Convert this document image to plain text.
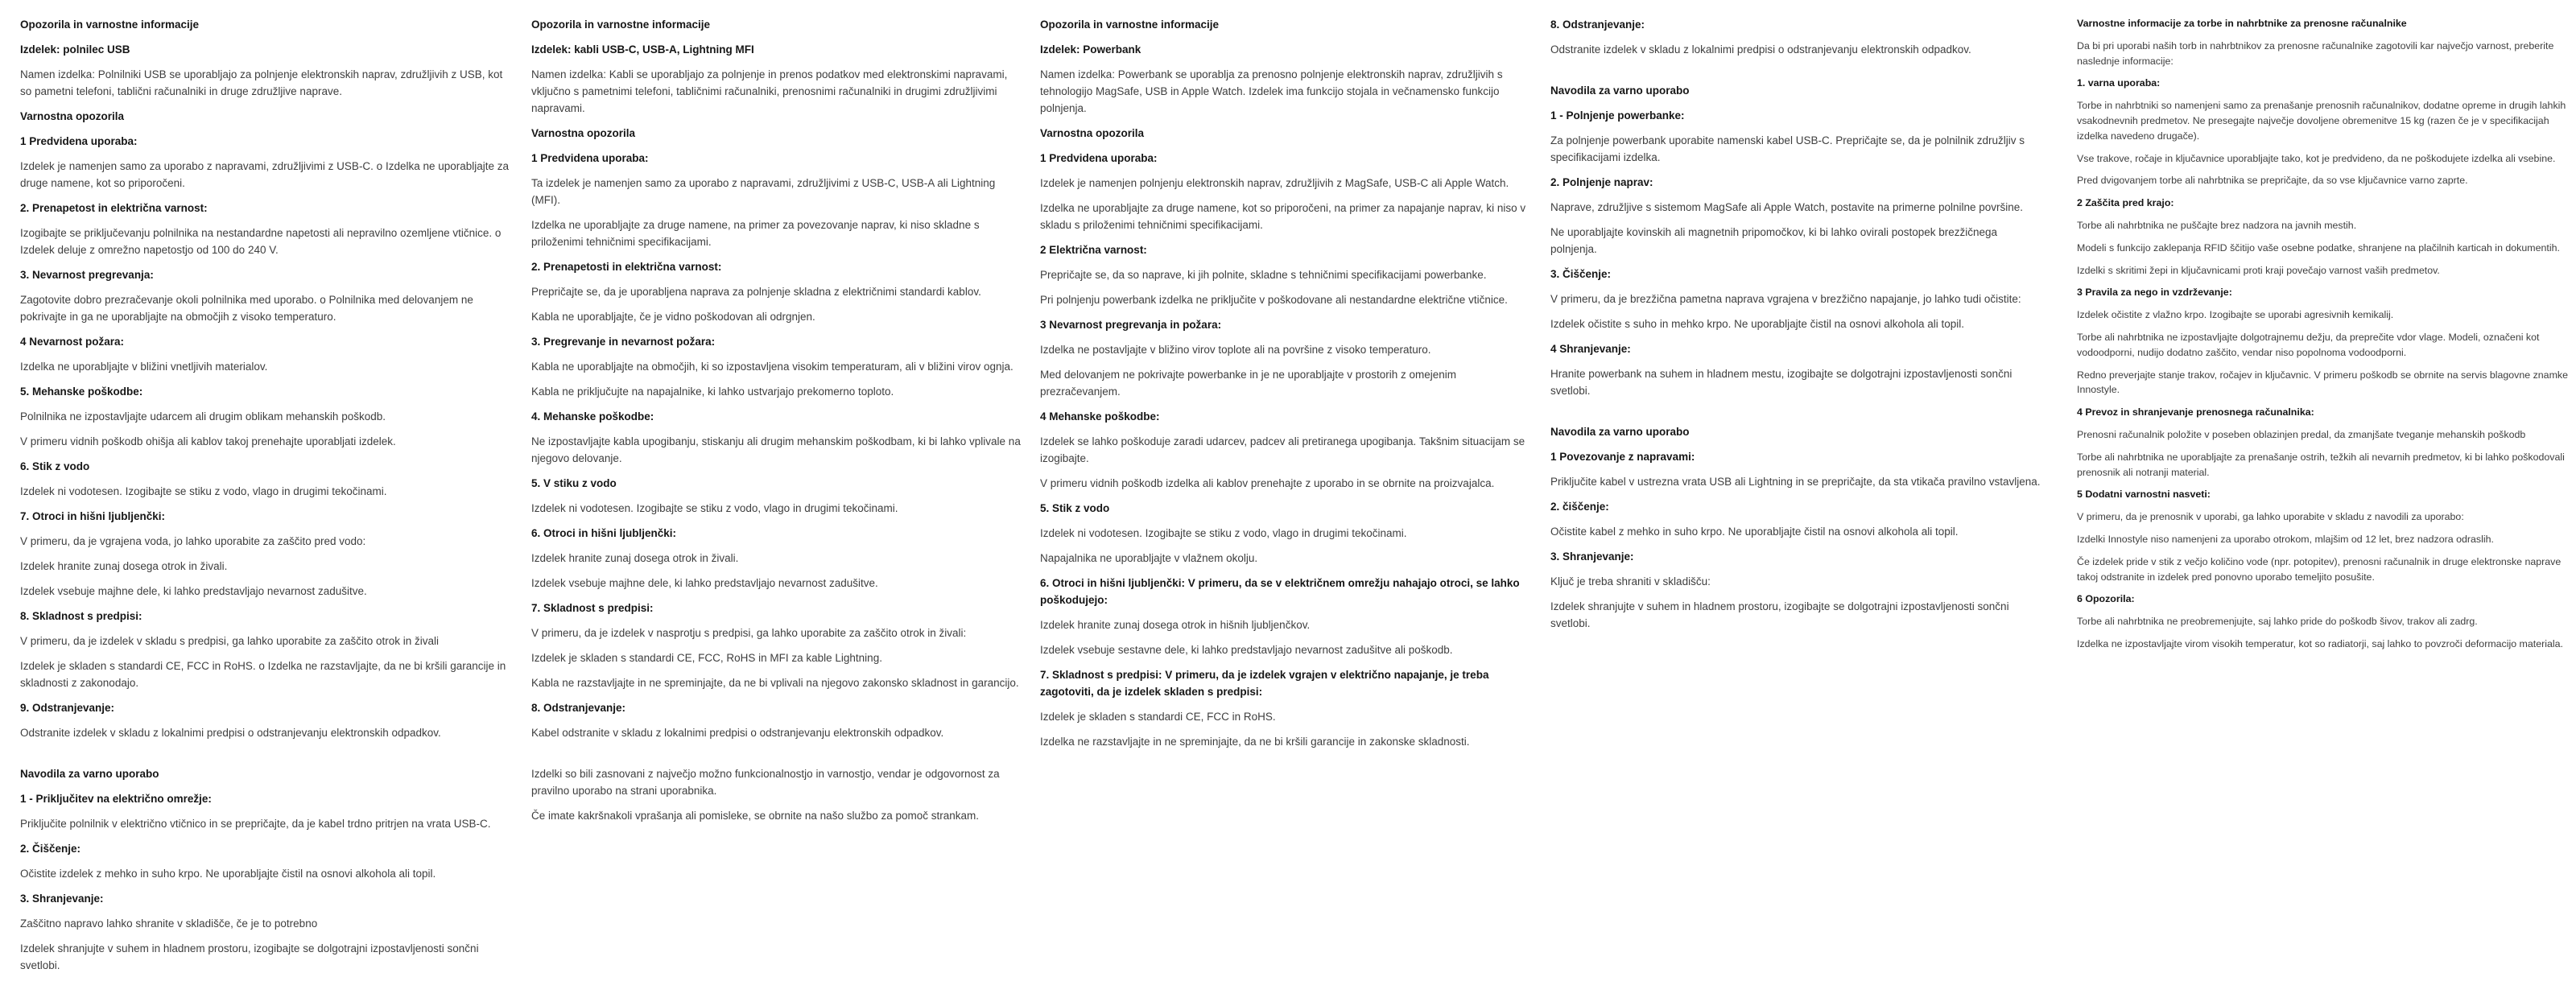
Opozorila in varnostne informacije
Izdelek: polnilec USB
Namen izdelka: Polnilniki USB se uporabljajo za polnjenje elektronskih naprav, združljivih z USB, kot so pametni telefoni, tablični računalniki in druge združljive naprave.
Varnostna opozorila
1 Predvidena uporaba:
Izdelek je namenjen samo za uporabo z napravami, združljivimi z USB-C. o Izdelka ne uporabljajte za druge namene, kot so priporočeni.
2. Prenapetost in električna varnost:
Izogibajte se priključevanju polnilnika na nestandardne napetosti ali nepravilno ozemljene vtičnice. o Izdelek deluje z omrežno napetostjo od 100 do 240 V.
3. Nevarnost pregrevanja:
Zagotovite dobro prezračevanje okoli polnilnika med uporabo. o Polnilnika med delovanjem ne pokrivajte in ga ne uporabljajte na območjih z visoko temperaturo.
4 Nevarnost požara:
Izdelka ne uporabljajte v bližini vnetljivih materialov.
5. Mehanske poškodbe:
Polnilnika ne izpostavljajte udarcem ali drugim oblikam mehanskih poškodb.
V primeru vidnih poškodb ohišja ali kablov takoj prenehajte uporabljati izdelek.
6. Stik z vodo
Izdelek ni vodotesen. Izogibajte se stiku z vodo, vlago in drugimi tekočinami.
7. Otroci in hišni ljubljenčki:
V primeru, da je vgrajena voda, jo lahko uporabite za zaščito pred vodo:
Izdelek hranite zunaj dosega otrok in živali.
Izdelek vsebuje majhne dele, ki lahko predstavljajo nevarnost zadušitve.
8. Skladnost s predpisi:
V primeru, da je izdelek v skladu s predpisi, ga lahko uporabite za zaščito otrok in živali
Izdelek je skladen s standardi CE, FCC in RoHS. o Izdelka ne razstavljajte, da ne bi kršili garancije in skladnosti z zakonodajo.
9. Odstranjevanje:
Odstranite izdelek v skladu z lokalnimi predpisi o odstranjevanju elektronskih odpadkov.
Navodila za varno uporabo
1 - Priključitev na električno omrežje:
Priključite polnilnik v električno vtičnico in se prepričajte, da je kabel trdno pritrjen na vrata USB-C.
2. Čiščenje:
Očistite izdelek z mehko in suho krpo. Ne uporabljajte čistil na osnovi alkohola ali topil.
3. Shranjevanje:
Zaščitno napravo lahko shranite v skladišče, če je to potrebno
Izdelek shranjujte v suhem in hladnem prostoru, izogibajte se dolgotrajni izpostavljenosti sončni svetlobi.
Opozorila in varnostne informacije
Izdelek: kabli USB-C, USB-A, Lightning MFI
Namen izdelka: Kabli se uporabljajo za polnjenje in prenos podatkov med elektronskimi napravami, vključno s pametnimi telefoni, tabličnimi računalniki, prenosnimi računalniki in drugimi združljivimi napravami.
Varnostna opozorila
1 Predvidena uporaba:
Ta izdelek je namenjen samo za uporabo z napravami, združljivimi z USB-C, USB-A ali Lightning (MFI).
Izdelka ne uporabljajte za druge namene, na primer za povezovanje naprav, ki niso skladne s priloženimi tehničnimi specifikacijami.
2. Prenapetosti in električna varnost:
Prepričajte se, da je uporabljena naprava za polnjenje skladna z električnimi standardi kablov.
Kabla ne uporabljajte, če je vidno poškodovan ali odrgnjen.
3. Pregrevanje in nevarnost požara:
Kabla ne uporabljajte na območjih, ki so izpostavljena visokim temperaturam, ali v bližini virov ognja.
Kabla ne priključujte na napajalnike, ki lahko ustvarjajo prekomerno toploto.
4. Mehanske poškodbe:
Ne izpostavljajte kabla upogibanju, stiskanju ali drugim mehanskim poškodbam, ki bi lahko vplivale na njegovo delovanje.
5. V stiku z vodo
Izdelek ni vodotesen. Izogibajte se stiku z vodo, vlago in drugimi tekočinami.
6. Otroci in hišni ljubljenčki:
Izdelek hranite zunaj dosega otrok in živali.
Izdelek vsebuje majhne dele, ki lahko predstavljajo nevarnost zadušitve.
7. Skladnost s predpisi:
V primeru, da je izdelek v nasprotju s predpisi, ga lahko uporabite za zaščito otrok in živali:
Izdelek je skladen s standardi CE, FCC, RoHS in MFI za kable Lightning.
Kabla ne razstavljajte in ne spreminjajte, da ne bi vplivali na njegovo zakonsko skladnost in garancijo.
8. Odstranjevanje:
Kabel odstranite v skladu z lokalnimi predpisi o odstranjevanju elektronskih odpadkov.
Izdelki so bili zasnovani z največjo možno funkcionalnostjo in varnostjo, vendar je odgovornost za pravilno uporabo na strani uporabnika.
Če imate kakršnakoli vprašanja ali pomisleke, se obrnite na našo službo za pomoč strankam.
Opozorila in varnostne informacije
Izdelek: Powerbank
Namen izdelka: Powerbank se uporablja za prenosno polnjenje elektronskih naprav, združljivih s tehnologijo MagSafe, USB in Apple Watch. Izdelek ima funkcijo stojala in večnamensko funkcijo polnjenja.
Varnostna opozorila
1 Predvidena uporaba:
Izdelek je namenjen polnjenju elektronskih naprav, združljivih z MagSafe, USB-C ali Apple Watch.
Izdelka ne uporabljajte za druge namene, kot so priporočeni, na primer za napajanje naprav, ki niso v skladu s priloženimi tehničnimi specifikacijami.
2 Električna varnost:
Prepričajte se, da so naprave, ki jih polnite, skladne s tehničnimi specifikacijami powerbanke.
Pri polnjenju powerbank izdelka ne priključite v poškodovane ali nestandardne električne vtičnice.
3 Nevarnost pregrevanja in požara:
Izdelka ne postavljajte v bližino virov toplote ali na površine z visoko temperaturo.
Med delovanjem ne pokrivajte powerbanke in je ne uporabljajte v prostorih z omejenim prezračevanjem.
4 Mehanske poškodbe:
Izdelek se lahko poškoduje zaradi udarcev, padcev ali pretiranega upogibanja. Takšnim situacijam se izogibajte.
V primeru vidnih poškodb izdelka ali kablov prenehajte z uporabo in se obrnite na proizvajalca.
5. Stik z vodo
Izdelek ni vodotesen. Izogibajte se stiku z vodo, vlago in drugimi tekočinami.
Napajalnika ne uporabljajte v vlažnem okolju.
6. Otroci in hišni ljubljenčki: V primeru, da se v električnem omrežju nahajajo otroci, se lahko poškodujejo:
Izdelek hranite zunaj dosega otrok in hišnih ljubljenčkov.
Izdelek vsebuje sestavne dele, ki lahko predstavljajo nevarnost zadušitve ali poškodb.
7. Skladnost s predpisi: V primeru, da je izdelek vgrajen v električno napajanje, je treba zagotoviti, da je izdelek skladen s predpisi:
Izdelek je skladen s standardi CE, FCC in RoHS.
Izdelka ne razstavljajte in ne spreminjajte, da ne bi kršili garancije in zakonske skladnosti.
8. Odstranjevanje:
Odstranite izdelek v skladu z lokalnimi predpisi o odstranjevanju elektronskih odpadkov.
Navodila za varno uporabo
1 - Polnjenje powerbanke:
Za polnjenje powerbank uporabite namenski kabel USB-C. Prepričajte se, da je polnilnik združljiv s specifikacijami izdelka.
2. Polnjenje naprav:
Naprave, združljive s sistemom MagSafe ali Apple Watch, postavite na primerne polnilne površine.
Ne uporabljajte kovinskih ali magnetnih pripomočkov, ki bi lahko ovirali postopek brezžičnega polnjenja.
3. Čiščenje:
V primeru, da je brezžična pametna naprava vgrajena v brezžično napajanje, jo lahko tudi očistite:
Izdelek očistite s suho in mehko krpo. Ne uporabljajte čistil na osnovi alkohola ali topil.
4 Shranjevanje:
Hranite powerbank na suhem in hladnem mestu, izogibajte se dolgotrajni izpostavljenosti sončni svetlobi.
Navodila za varno uporabo
1 Povezovanje z napravami:
Priključite kabel v ustrezna vrata USB ali Lightning in se prepričajte, da sta vtikača pravilno vstavljena.
2. čiščenje:
Očistite kabel z mehko in suho krpo. Ne uporabljajte čistil na osnovi alkohola ali topil.
3. Shranjevanje:
Ključ je treba shraniti v skladišču:
Izdelek shranjujte v suhem in hladnem prostoru, izogibajte se dolgotrajni izpostavljenosti sončni svetlobi.
Varnostne informacije za torbe in nahrbtnike za prenosne računalnike
Da bi pri uporabi naših torb in nahrbtnikov za prenosne računalnike zagotovili kar največjo varnost, preberite naslednje informacije:
1. varna uporaba:
Torbe in nahrbtniki so namenjeni samo za prenašanje prenosnih računalnikov, dodatne opreme in drugih lahkih vsakodnevnih predmetov. Ne presegajte največje dovoljene obremenitve 15 kg (razen če je v specifikacijah izdelka navedeno drugače).
Vse trakove, ročaje in ključavnice uporabljajte tako, kot je predvideno, da ne poškodujete izdelka ali vsebine.
Pred dvigovanjem torbe ali nahrbtnika se prepričajte, da so vse ključavnice varno zaprte.
2 Zaščita pred krajo:
Torbe ali nahrbtnika ne puščajte brez nadzora na javnih mestih.
Modeli s funkcijo zaklepanja RFID ščitijo vaše osebne podatke, shranjene na plačilnih karticah in dokumentih.
Izdelki s skritimi žepi in ključavnicami proti kraji povečajo varnost vaših predmetov.
3 Pravila za nego in vzdrževanje:
Izdelek očistite z vlažno krpo. Izogibajte se uporabi agresivnih kemikalij.
Torbe ali nahrbtnika ne izpostavljajte dolgotrajnemu dežju, da preprečite vdor vlage. Modeli, označeni kot vodoodporni, nudijo dodatno zaščito, vendar niso popolnoma vodoodporni.
Redno preverjajte stanje trakov, ročajev in ključavnic. V primeru poškodb se obrnite na servis blagovne znamke Innostyle.
4 Prevoz in shranjevanje prenosnega računalnika:
Prenosni računalnik položite v poseben oblazinjen predal, da zmanjšate tveganje mehanskih poškodb
Torbe ali nahrbtnika ne uporabljajte za prenašanje ostrih, težkih ali nevarnih predmetov, ki bi lahko poškodovali prenosnik ali notranji material.
5 Dodatni varnostni nasveti:
V primeru, da je prenosnik v uporabi, ga lahko uporabite v skladu z navodili za uporabo:
Izdelki Innostyle niso namenjeni za uporabo otrokom, mlajšim od 12 let, brez nadzora odraslih.
Če izdelek pride v stik z večjo količino vode (npr. potopitev), prenosni računalnik in druge elektronske naprave takoj odstranite in izdelek pred ponovno uporabo temeljito posušite.
6 Opozorila:
Torbe ali nahrbtnika ne preobremenjujte, saj lahko pride do poškodb šivov, trakov ali zadrg.
Izdelka ne izpostavljajte virom visokih temperatur, kot so radiatorji, saj lahko to povzroči deformacijo materiala.
